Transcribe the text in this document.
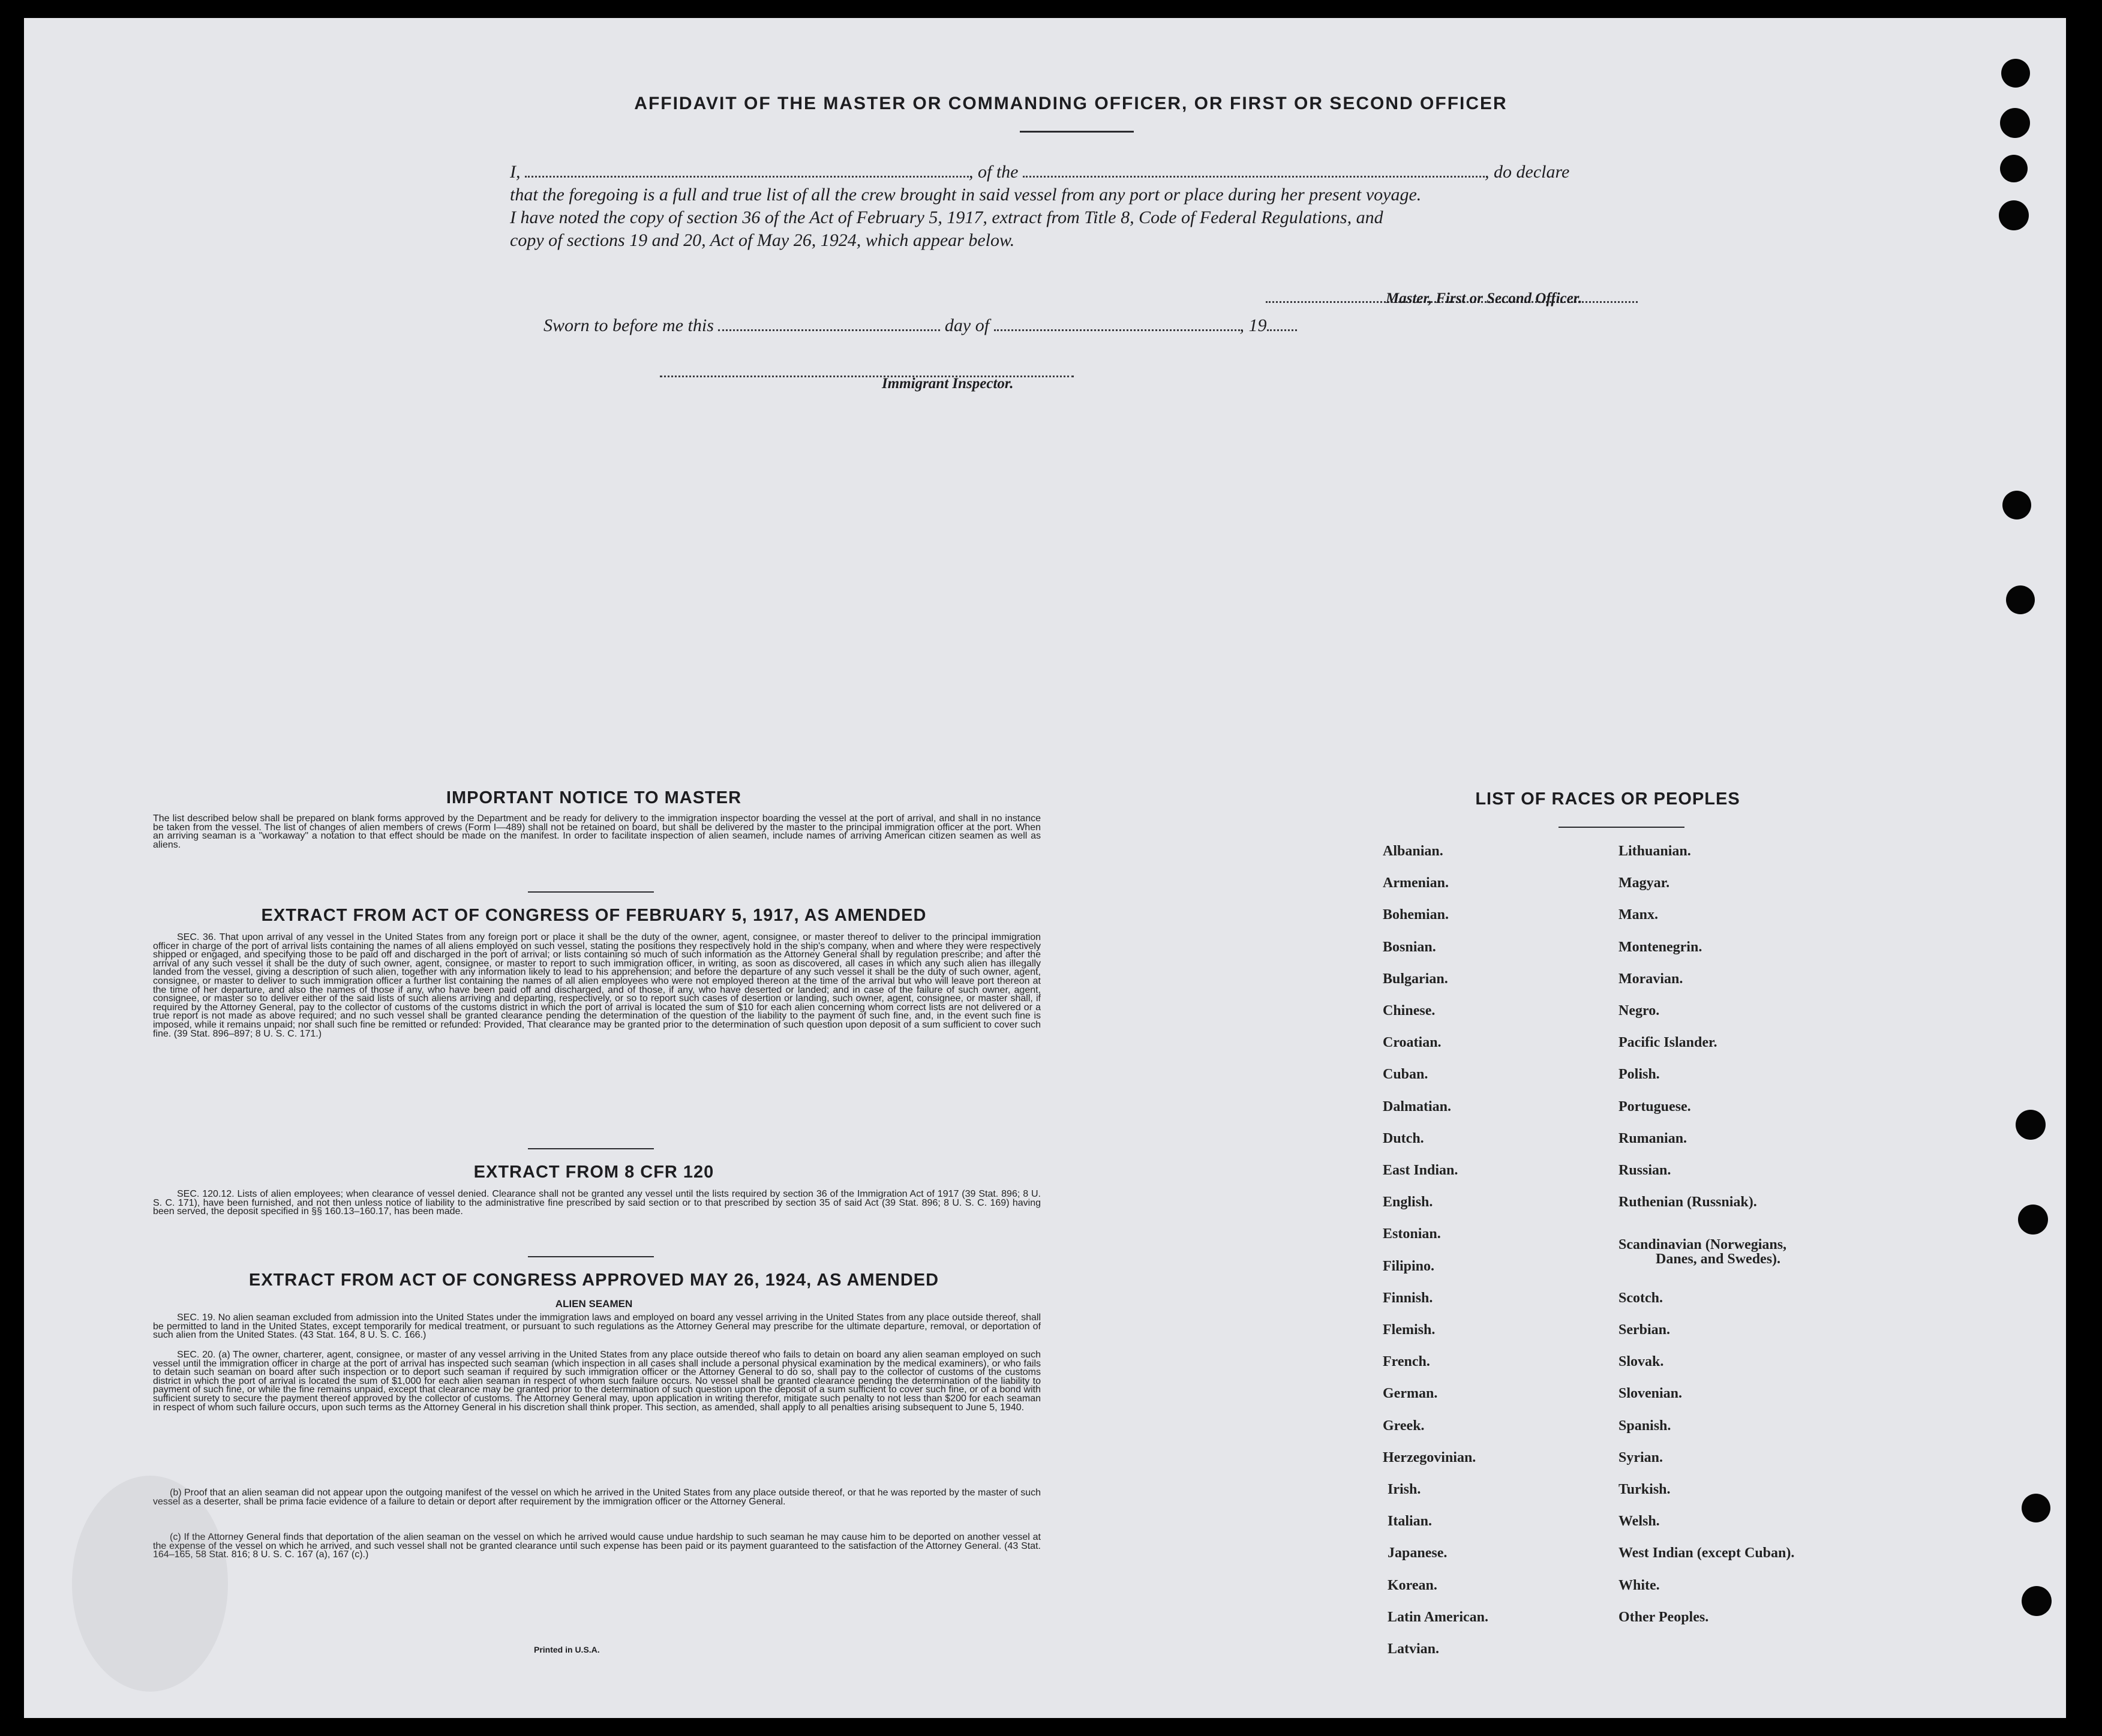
AFFIDAVIT OF THE MASTER OR COMMANDING OFFICER, OR FIRST OR SECOND OFFICER
I,	, of the	, do declare
that the foregoing is a full and true list of all the crew brought in said vessel from any port or place during her present voyage.
I have noted the copy of section 36 of the Act of February 5, 1917, extract from Title 8, Code of Federal Regulations, and
copy of sections 19 and 20, Act of May 26, 1924, which appear below.
Master, First or Second Officer.
Sworn to before me this	day of	, 19
Immigrant Inspector.
IMPORTANT NOTICE TO MASTER
The list described below shall be prepared on blank forms approved by the Department and be ready for delivery to the immigration inspector boarding the vessel at the port of arrival, and shall in no instance be taken from the vessel. The list of changes of alien members of crews (Form I—489) shall not be retained on board, but shall be delivered by the master to the principal immigration officer at the port. When an arriving seaman is a "workaway" a notation to that effect should be made on the manifest. In order to facilitate inspection of alien seamen, include names of arriving American citizen seamen as well as aliens.
EXTRACT FROM ACT OF CONGRESS OF FEBRUARY 5, 1917, AS AMENDED
SEC. 36. That upon arrival of any vessel in the United States from any foreign port or place it shall be the duty of the owner, agent, consignee, or master thereof to deliver to the principal immigration officer in charge of the port of arrival lists containing the names of all aliens employed on such vessel, stating the positions they respectively hold in the ship's company, when and where they were respectively shipped or engaged, and specifying those to be paid off and discharged in the port of arrival; or lists containing so much of such information as the Attorney General shall by regulation prescribe; and after the arrival of any such vessel it shall be the duty of such owner, agent, consignee, or master to report to such immigration officer, in writing, as soon as discovered, all cases in which any such alien has illegally landed from the vessel, giving a description of such alien, together with any information likely to lead to his apprehension; and before the departure of any such vessel it shall be the duty of such owner, agent, consignee, or master to deliver to such immigration officer a further list containing the names of all alien employees who were not employed thereon at the time of the arrival but who will leave port thereon at the time of her departure, and also the names of those if any, who have been paid off and discharged, and of those, if any, who have deserted or landed; and in case of the failure of such owner, agent, consignee, or master so to deliver either of the said lists of such aliens arriving and departing, respectively, or so to report such cases of desertion or landing, such owner, agent, consignee, or master shall, if required by the Attorney General, pay to the collector of customs of the customs district in which the port of arrival is located the sum of $10 for each alien concerning whom correct lists are not delivered or a true report is not made as above required; and no such vessel shall be granted clearance pending the determination of the question of the liability to the payment of such fine, and, in the event such fine is imposed, while it remains unpaid; nor shall such fine be remitted or refunded: Provided, That clearance may be granted prior to the determination of such question upon deposit of a sum sufficient to cover such fine. (39 Stat. 896–897; 8 U. S. C. 171.)
EXTRACT FROM 8 CFR 120
SEC. 120.12. Lists of alien employees; when clearance of vessel denied. Clearance shall not be granted any vessel until the lists required by section 36 of the Immigration Act of 1917 (39 Stat. 896; 8 U. S. C. 171), have been furnished, and not then unless notice of liability to the administrative fine prescribed by said section or to that prescribed by section 35 of said Act (39 Stat. 896; 8 U. S. C. 169) having been served, the deposit specified in §§ 160.13–160.17, has been made.
EXTRACT FROM ACT OF CONGRESS APPROVED MAY 26, 1924, AS AMENDED
ALIEN SEAMEN
SEC. 19. No alien seaman excluded from admission into the United States under the immigration laws and employed on board any vessel arriving in the United States from any place outside thereof, shall be permitted to land in the United States, except temporarily for medical treatment, or pursuant to such regulations as the Attorney General may prescribe for the ultimate departure, removal, or deportation of such alien from the United States. (43 Stat. 164, 8 U. S. C. 166.)
SEC. 20. (a) The owner, charterer, agent, consignee, or master of any vessel arriving in the United States from any place outside thereof who fails to detain on board any alien seaman employed on such vessel until the immigration officer in charge at the port of arrival has inspected such seaman (which inspection in all cases shall include a personal physical examination by the medical examiners), or who fails to detain such seaman on board after such inspection or to deport such seaman if required by such immigration officer or the Attorney General to do so, shall pay to the collector of customs of the customs district in which the port of arrival is located the sum of $1,000 for each alien seaman in respect of whom such failure occurs. No vessel shall be granted clearance pending the determination of the liability to payment of such fine, or while the fine remains unpaid, except that clearance may be granted prior to the determination of such question upon the deposit of a sum sufficient to cover such fine, or of a bond with sufficient surety to secure the payment thereof approved by the collector of customs. The Attorney General may, upon application in writing therefor, mitigate such penalty to not less than $200 for each seaman in respect of whom such failure occurs, upon such terms as the Attorney General in his discretion shall think proper. This section, as amended, shall apply to all penalties arising subsequent to June 5, 1940.
(b) Proof that an alien seaman did not appear upon the outgoing manifest of the vessel on which he arrived in the United States from any place outside thereof, or that he was reported by the master of such vessel as a deserter, shall be prima facie evidence of a failure to detain or deport after requirement by the immigration officer or the Attorney General.
(c) If the Attorney General finds that deportation of the alien seaman on the vessel on which he arrived would cause undue hardship to such seaman he may cause him to be deported on another vessel at the expense of the vessel on which he arrived, and such vessel shall not be granted clearance until such expense has been paid or its payment guaranteed to the satisfaction of the Attorney General. (43 Stat. 164–165, 58 Stat. 816; 8 U. S. C. 167 (a), 167 (c).)
Printed in U.S.A.
LIST OF RACES OR PEOPLES
Albanian.
Armenian.
Bohemian.
Bosnian.
Bulgarian.
Chinese.
Croatian.
Cuban.
Dalmatian.
Dutch.
East Indian.
English.
Estonian.
Filipino.
Finnish.
Flemish.
French.
German.
Greek.
Herzegovinian.
Irish.
Italian.
Japanese.
Korean.
Latin American.
Latvian.
Lithuanian.
Magyar.
Manx.
Montenegrin.
Moravian.
Negro.
Pacific Islander.
Polish.
Portuguese.
Rumanian.
Russian.
Ruthenian (Russniak).
Scandinavian (Norwegians,
Danes, and Swedes).
Scotch.
Serbian.
Slovak.
Slovenian.
Spanish.
Syrian.
Turkish.
Welsh.
West Indian (except Cuban).
White.
Other Peoples.
